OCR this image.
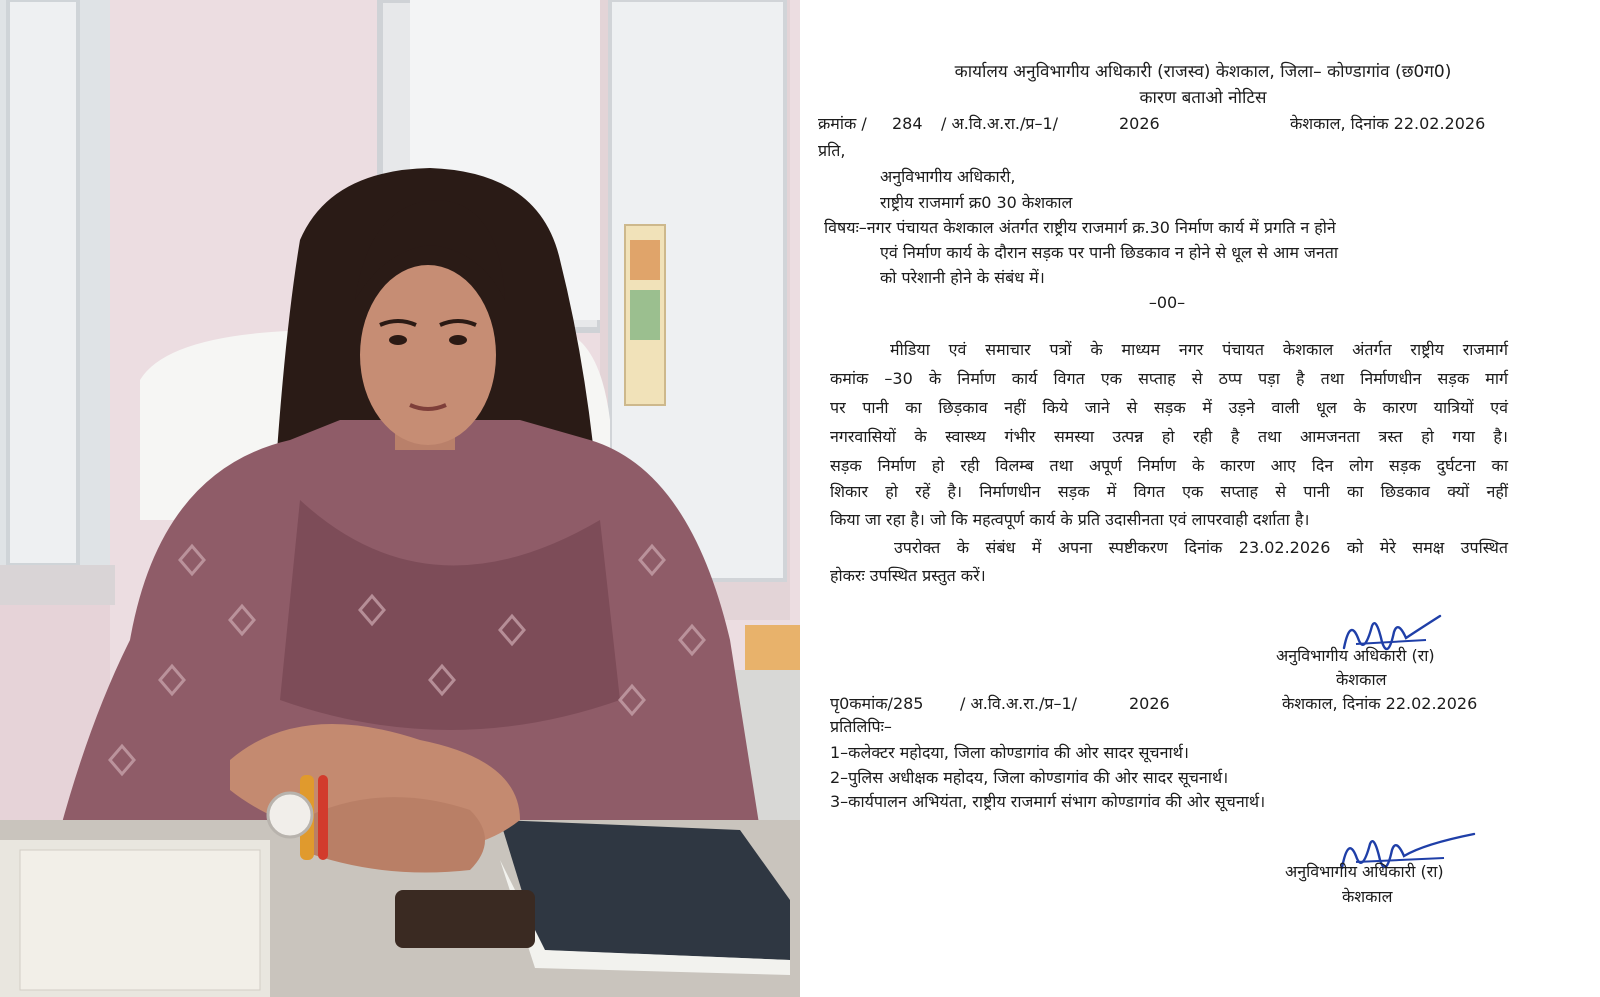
कार्यालय अनुविभागीय अधिकारी (राजस्व) केशकाल, जिला– कोण्डागांव (छ0ग0)
कारण बताओ नोटिस
क्रमांक / 284 / अ.वि.अ.रा./प्र–1/	2026	केशकाल, दिनांक 22.02.2026
प्रति,
अनुविभागीय अधिकारी,
राष्ट्रीय राजमार्ग क्र0 30 केशकाल
विषयः–नगर पंचायत केशकाल अंतर्गत राष्ट्रीय राजमार्ग क्र.30 निर्माण कार्य में प्रगति न होने
एवं निर्माण कार्य के दौरान सड़क पर पानी छिडकाव न होने से धूल से आम जनता
को परेशानी होने के संबंध में।
–00–
मीडिया एवं समाचार पत्रों के माध्यम नगर पंचायत केशकाल अंतर्गत राष्ट्रीय राजमार्ग
कमांक –30 के निर्माण कार्य विगत एक सप्ताह से ठप्प पड़ा है तथा निर्माणधीन सड़क मार्ग
पर पानी का छिड़काव नहीं किये जाने से सड़क में उड़ने वाली धूल के कारण यात्रियों एवं
नगरवासियों के स्वास्थ्य गंभीर समस्या उत्पन्न हो रही है तथा आमजनता त्रस्त हो गया है।
सड़क निर्माण हो रही विलम्ब तथा अपूर्ण निर्माण के कारण आए दिन लोग सड़क दुर्घटना का
शिकार हो रहें है। निर्माणधीन सड़क में विगत एक सप्ताह से पानी का छिडकाव क्यों नहीं
किया जा रहा है। जो कि महत्वपूर्ण कार्य के प्रति उदासीनता एवं लापरवाही दर्शाता है।
उपरोक्त के संबंध में अपना स्पष्टीकरण दिनांक 23.02.2026 को मेरे समक्ष उपस्थित
होकरः उपस्थित प्रस्तुत करें।
अनुविभागीय अधिकारी (रा)
केशकाल
पृ0कमांक/285 / अ.वि.अ.रा./प्र–1/	2026	केशकाल, दिनांक 22.02.2026
प्रतिलिपिः–
1–कलेक्टर महोदया, जिला कोण्डागांव की ओर सादर सूचनार्थ।
2–पुलिस अधीक्षक महोदय, जिला कोण्डागांव की ओर सादर सूचनार्थ।
3–कार्यपालन अभियंता, राष्ट्रीय राजमार्ग संभाग कोण्डागांव की ओर सूचनार्थ।
अनुविभागीय अधिकारी (रा)
केशकाल
